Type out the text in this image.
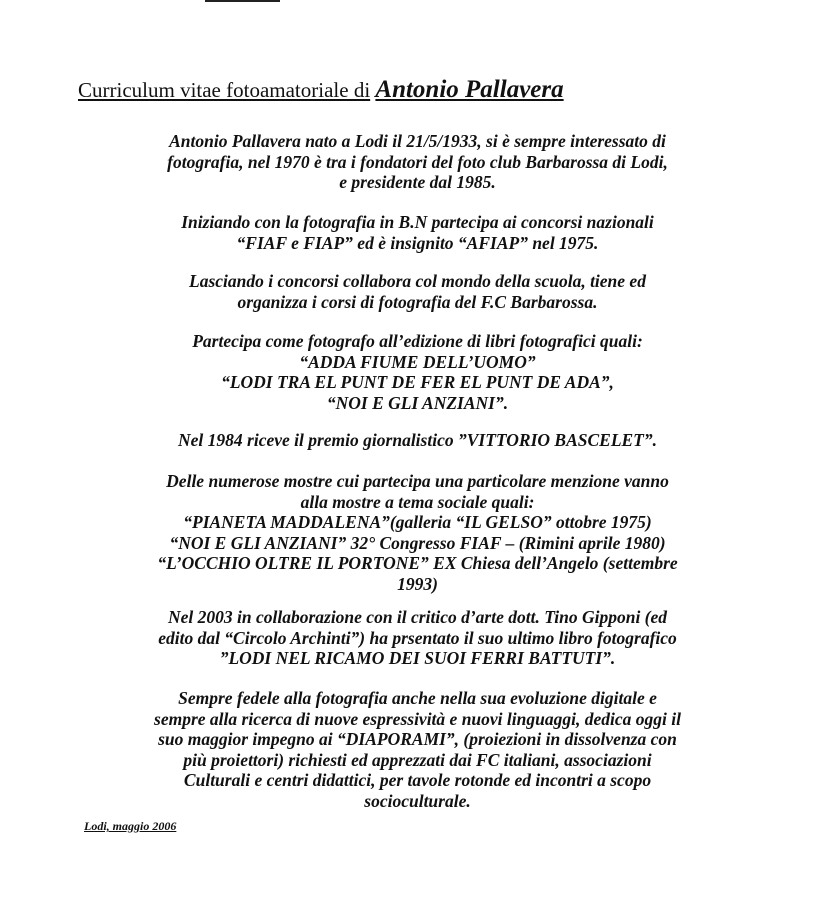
Curriculum vitae fotoamatoriale di Antonio Pallavera
Antonio Pallavera nato a Lodi il 21/5/1933, si è sempre interessato di
fotografia, nel 1970 è tra i fondatori del foto club Barbarossa di Lodi,
e presidente dal 1985.
Iniziando con la fotografia in B.N partecipa ai concorsi nazionali
“FIAF e FIAP” ed è insignito “AFIAP” nel 1975.
Lasciando i concorsi collabora col mondo della scuola, tiene ed
organizza i corsi di fotografia del F.C Barbarossa.
Partecipa come fotografo all’edizione di libri fotografici quali:
“ADDA FIUME DELL’UOMO”
“LODI TRA EL PUNT DE FER EL PUNT DE ADA”,
“NOI E GLI ANZIANI”.
Nel 1984 riceve il premio giornalistico ”VITTORIO BASCELET”.
Delle numerose mostre cui partecipa una particolare menzione vanno
alla mostre a tema sociale quali:
“PIANETA MADDALENA”(galleria “IL GELSO” ottobre 1975)
“NOI E GLI ANZIANI” 32° Congresso FIAF – (Rimini aprile 1980)
“L’OCCHIO OLTRE IL PORTONE” EX Chiesa dell’Angelo (settembre
1993)
Nel 2003 in collaborazione con il critico d’arte dott. Tino Gipponi (ed
edito dal “Circolo Archinti”) ha prsentato il suo ultimo libro fotografico
”LODI NEL RICAMO DEI SUOI FERRI BATTUTI”.
Sempre fedele alla fotografia anche nella sua evoluzione digitale e
sempre alla ricerca di nuove espressività e nuovi linguaggi, dedica oggi il
suo maggior impegno ai “DIAPORAMI”, (proiezioni in dissolvenza con
più proiettori) richiesti ed apprezzati dai FC italiani, associazioni
Culturali e centri didattici, per tavole rotonde ed incontri a scopo
socioculturale.
Lodi, maggio 2006
